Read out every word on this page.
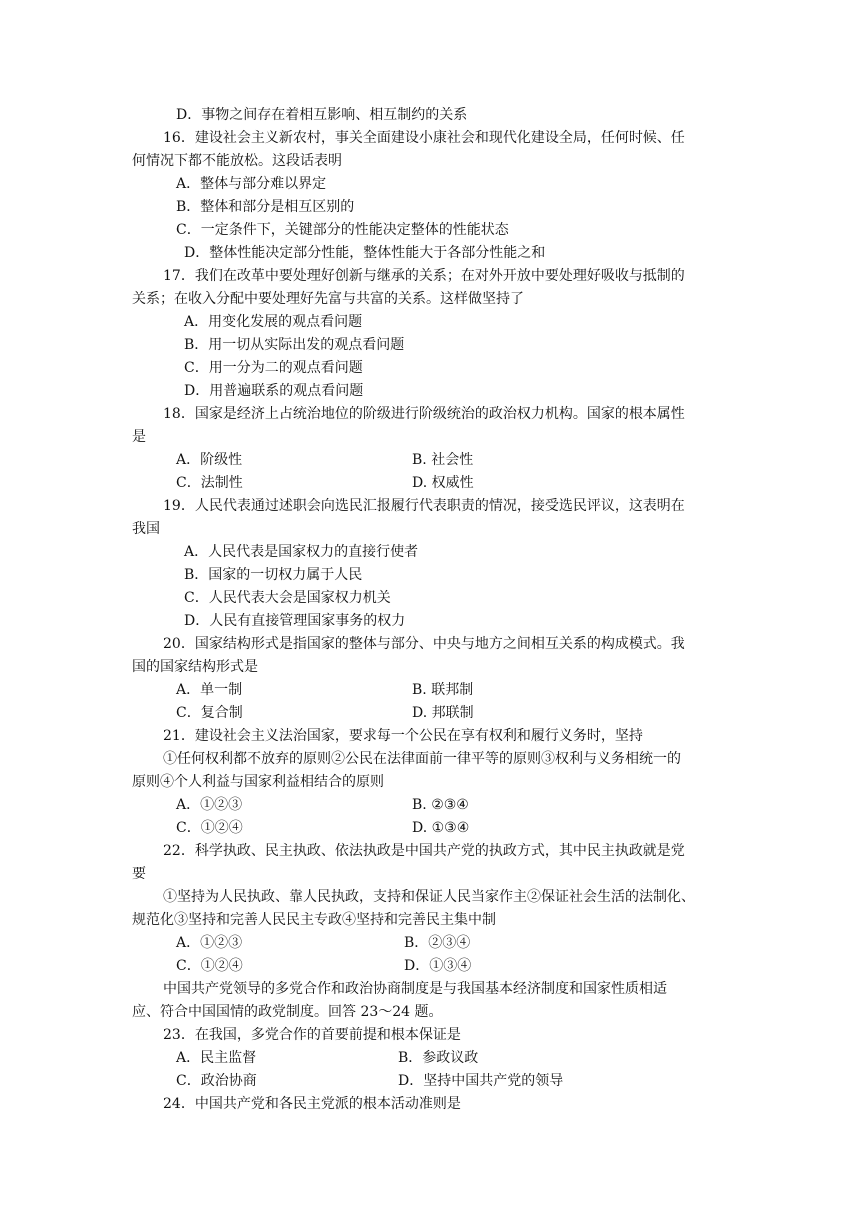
D．事物之间存在着相互影响、相互制约的关系
16．建设社会主义新农村，事关全面建设小康社会和现代化建设全局，任何时候、任
何情况下都不能放松。这段话表明
A．整体与部分难以界定
B．整体和部分是相互区别的
C．一定条件下，关键部分的性能决定整体的性能状态
D．整体性能决定部分性能，整体性能大于各部分性能之和
17．我们在改革中要处理好创新与继承的关系；在对外开放中要处理好吸收与抵制的
关系；在收入分配中要处理好先富与共富的关系。这样做坚持了
A．用变化发展的观点看问题
B．用一切从实际出发的观点看问题
C．用一分为二的观点看问题
D．用普遍联系的观点看问题
18．国家是经济上占统治地位的阶级进行阶级统治的政治权力机构。国家的根本属性
是
A．阶级性	B. 社会性
C．法制性	D. 权威性
19．人民代表通过述职会向选民汇报履行代表职责的情况，接受选民评议，这表明在
我国
A．人民代表是国家权力的直接行使者
B．国家的一切权力属于人民
C．人民代表大会是国家权力机关
D．人民有直接管理国家事务的权力
20．国家结构形式是指国家的整体与部分、中央与地方之间相互关系的构成模式。我
国的国家结构形式是
A．单一制	B. 联邦制
C．复合制	D. 邦联制
21．建设社会主义法治国家，要求每一个公民在享有权利和履行义务时，坚持
①任何权利都不放弃的原则②公民在法律面前一律平等的原则③权利与义务相统一的
原则④个人利益与国家利益相结合的原则
A．①②③	B. ②③④
C．①②④	D. ①③④
22．科学执政、民主执政、依法执政是中国共产党的执政方式，其中民主执政就是党
要
①坚持为人民执政、靠人民执政，支持和保证人民当家作主②保证社会生活的法制化、
规范化③坚持和完善人民民主专政④坚持和完善民主集中制
A．①②③	B．②③④
C．①②④	D．①③④
中国共产党领导的多党合作和政治协商制度是与我国基本经济制度和国家性质相适
应、符合中国国情的政党制度。回答 23～24 题。
23．在我国，多党合作的首要前提和根本保证是
A．民主监督	B．参政议政
C．政治协商	D．坚持中国共产党的领导
24．中国共产党和各民主党派的根本活动准则是
